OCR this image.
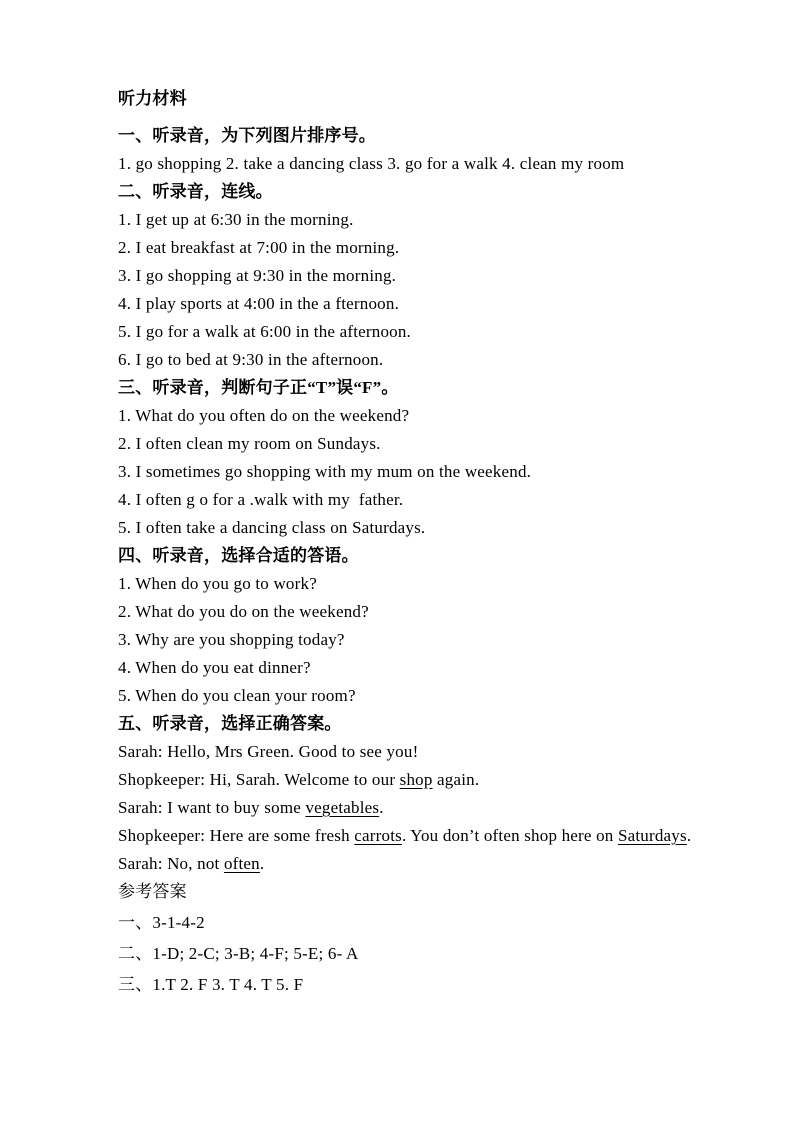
听力材料

一、听录音，为下列图片排序号。

1. go shopping 2. take a dancing class 3. go for a walk 4. clean my room

二、听录音，连线。

1. I get up at 6:30 in the morning.

2. I eat breakfast at 7:00 in the morning.

3. I go shopping at 9:30 in the morning.

4. I play sports at 4:00 in the a fternoon.

5. I go for a walk at 6:00 in the afternoon.

6. I go to bed at 9:30 in the afternoon.

三、听录音，判断句子正“T”误“F”。

1. What do you often do on the weekend?

2. I often clean my room on Sundays.

3. I sometimes go shopping with my mum on the weekend.

4. I often g o for a .walk with my  father.

5. I often take a dancing class on Saturdays.

四、听录音，选择合适的答语。

1. When do you go to work?

2. What do you do on the weekend?

3. Why are you shopping today?

4. When do you eat dinner?

5. When do you clean your room?

五、听录音，选择正确答案。

Sarah: Hello, Mrs Green. Good to see you!

Shopkeeper: Hi, Sarah. Welcome to our shop again.

Sarah: I want to buy some vegetables.

Shopkeeper: Here are some fresh carrots. You don’t often shop here on Saturdays.

Sarah: No, not often.

参考答案

一、3-1-4-2

二、1-D; 2-C; 3-B; 4-F; 5-E; 6- A

三、1.T 2. F 3. T 4. T 5. F
